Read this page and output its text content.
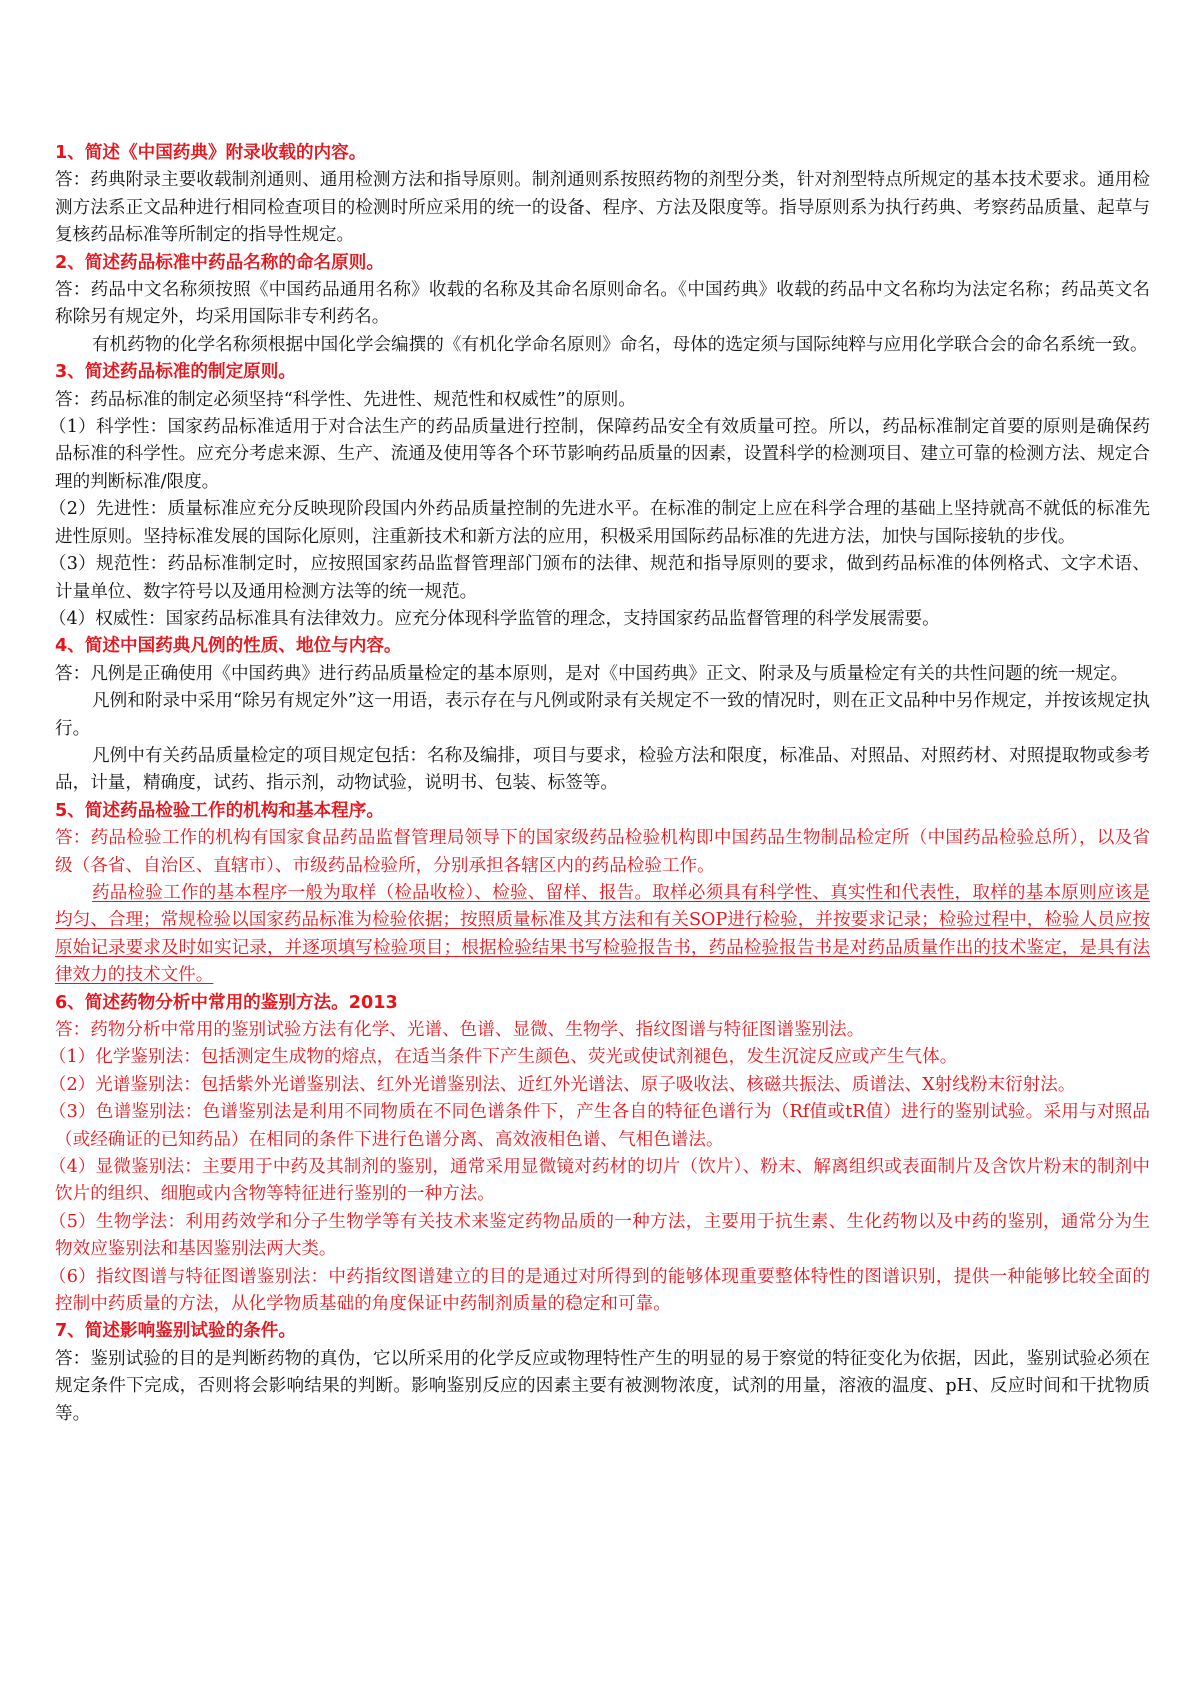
1、简述《中国药典》附录收载的内容。

答：药典附录主要收载制剂通则、通用检测方法和指导原则。制剂通则系按照药物的剂型分类，针对剂型特点所规定的基本技术要求。通用检测方法系正文品种进行相同检查项目的检测时所应采用的统一的设备、程序、方法及限度等。指导原则系为执行药典、考察药品质量、起草与复核药品标准等所制定的指导性规定。

2、简述药品标准中药品名称的命名原则。

答：药品中文名称须按照《中国药品通用名称》收载的名称及其命名原则命名。《中国药典》收载的药品中文名称均为法定名称；药品英文名称除另有规定外，均采用国际非专利药名。

有机药物的化学名称须根据中国化学会编撰的《有机化学命名原则》命名，母体的选定须与国际纯粹与应用化学联合会的命名系统一致。

3、简述药品标准的制定原则。

答：药品标准的制定必须坚持“科学性、先进性、规范性和权威性”的原则。

（1）科学性：国家药品标准适用于对合法生产的药品质量进行控制，保障药品安全有效质量可控。所以，药品标准制定首要的原则是确保药品标准的科学性。应充分考虑来源、生产、流通及使用等各个环节影响药品质量的因素，设置科学的检测项目、建立可靠的检测方法、规定合理的判断标准/限度。

（2）先进性：质量标准应充分反映现阶段国内外药品质量控制的先进水平。在标准的制定上应在科学合理的基础上坚持就高不就低的标准先进性原则。坚持标准发展的国际化原则，注重新技术和新方法的应用，积极采用国际药品标准的先进方法，加快与国际接轨的步伐。

（3）规范性：药品标准制定时，应按照国家药品监督管理部门颁布的法律、规范和指导原则的要求，做到药品标准的体例格式、文字术语、计量单位、数字符号以及通用检测方法等的统一规范。

（4）权威性：国家药品标准具有法律效力。应充分体现科学监管的理念，支持国家药品监督管理的科学发展需要。

4、简述中国药典凡例的性质、地位与内容。

答：凡例是正确使用《中国药典》进行药品质量检定的基本原则，是对《中国药典》正文、附录及与质量检定有关的共性问题的统一规定。

凡例和附录中采用“除另有规定外”这一用语，表示存在与凡例或附录有关规定不一致的情况时，则在正文品种中另作规定，并按该规定执行。

凡例中有关药品质量检定的项目规定包括：名称及编排，项目与要求，检验方法和限度，标准品、对照品、对照药材、对照提取物或参考品，计量，精确度，试药、指示剂，动物试验，说明书、包装、标签等。

5、简述药品检验工作的机构和基本程序。

答：药品检验工作的机构有国家食品药品监督管理局领导下的国家级药品检验机构即中国药品生物制品检定所（中国药品检验总所），以及省级（各省、自治区、直辖市）、市级药品检验所，分别承担各辖区内的药品检验工作。

药品检验工作的基本程序一般为取样（检品收检）、检验、留样、报告。取样必须具有科学性、真实性和代表性，取样的基本原则应该是均匀、合理；常规检验以国家药品标准为检验依据；按照质量标准及其方法和有关SOP进行检验，并按要求记录；检验过程中，检验人员应按原始记录要求及时如实记录，并逐项填写检验项目；根据检验结果书写检验报告书，药品检验报告书是对药品质量作出的技术鉴定，是具有法律效力的技术文件。

6、简述药物分析中常用的鉴别方法。2013

答：药物分析中常用的鉴别试验方法有化学、光谱、色谱、显微、生物学、指纹图谱与特征图谱鉴别法。

（1）化学鉴别法：包括测定生成物的熔点，在适当条件下产生颜色、荧光或使试剂褪色，发生沉淀反应或产生气体。

（2）光谱鉴别法：包括紫外光谱鉴别法、红外光谱鉴别法、近红外光谱法、原子吸收法、核磁共振法、质谱法、X射线粉末衍射法。

（3）色谱鉴别法：色谱鉴别法是利用不同物质在不同色谱条件下，产生各自的特征色谱行为（Rf值或tR值）进行的鉴别试验。采用与对照品（或经确证的已知药品）在相同的条件下进行色谱分离、高效液相色谱、气相色谱法。

（4）显微鉴别法：主要用于中药及其制剂的鉴别，通常采用显微镜对药材的切片（饮片）、粉末、解离组织或表面制片及含饮片粉末的制剂中饮片的组织、细胞或内含物等特征进行鉴别的一种方法。

（5）生物学法：利用药效学和分子生物学等有关技术来鉴定药物品质的一种方法，主要用于抗生素、生化药物以及中药的鉴别，通常分为生物效应鉴别法和基因鉴别法两大类。

（6）指纹图谱与特征图谱鉴别法：中药指纹图谱建立的目的是通过对所得到的能够体现重要整体特性的图谱识别，提供一种能够比较全面的控制中药质量的方法，从化学物质基础的角度保证中药制剂质量的稳定和可靠。

7、简述影响鉴别试验的条件。

答：鉴别试验的目的是判断药物的真伪，它以所采用的化学反应或物理特性产生的明显的易于察觉的特征变化为依据，因此，鉴别试验必须在规定条件下完成，否则将会影响结果的判断。影响鉴别反应的因素主要有被测物浓度，试剂的用量，溶液的温度、pH、反应时间和干扰物质等。
